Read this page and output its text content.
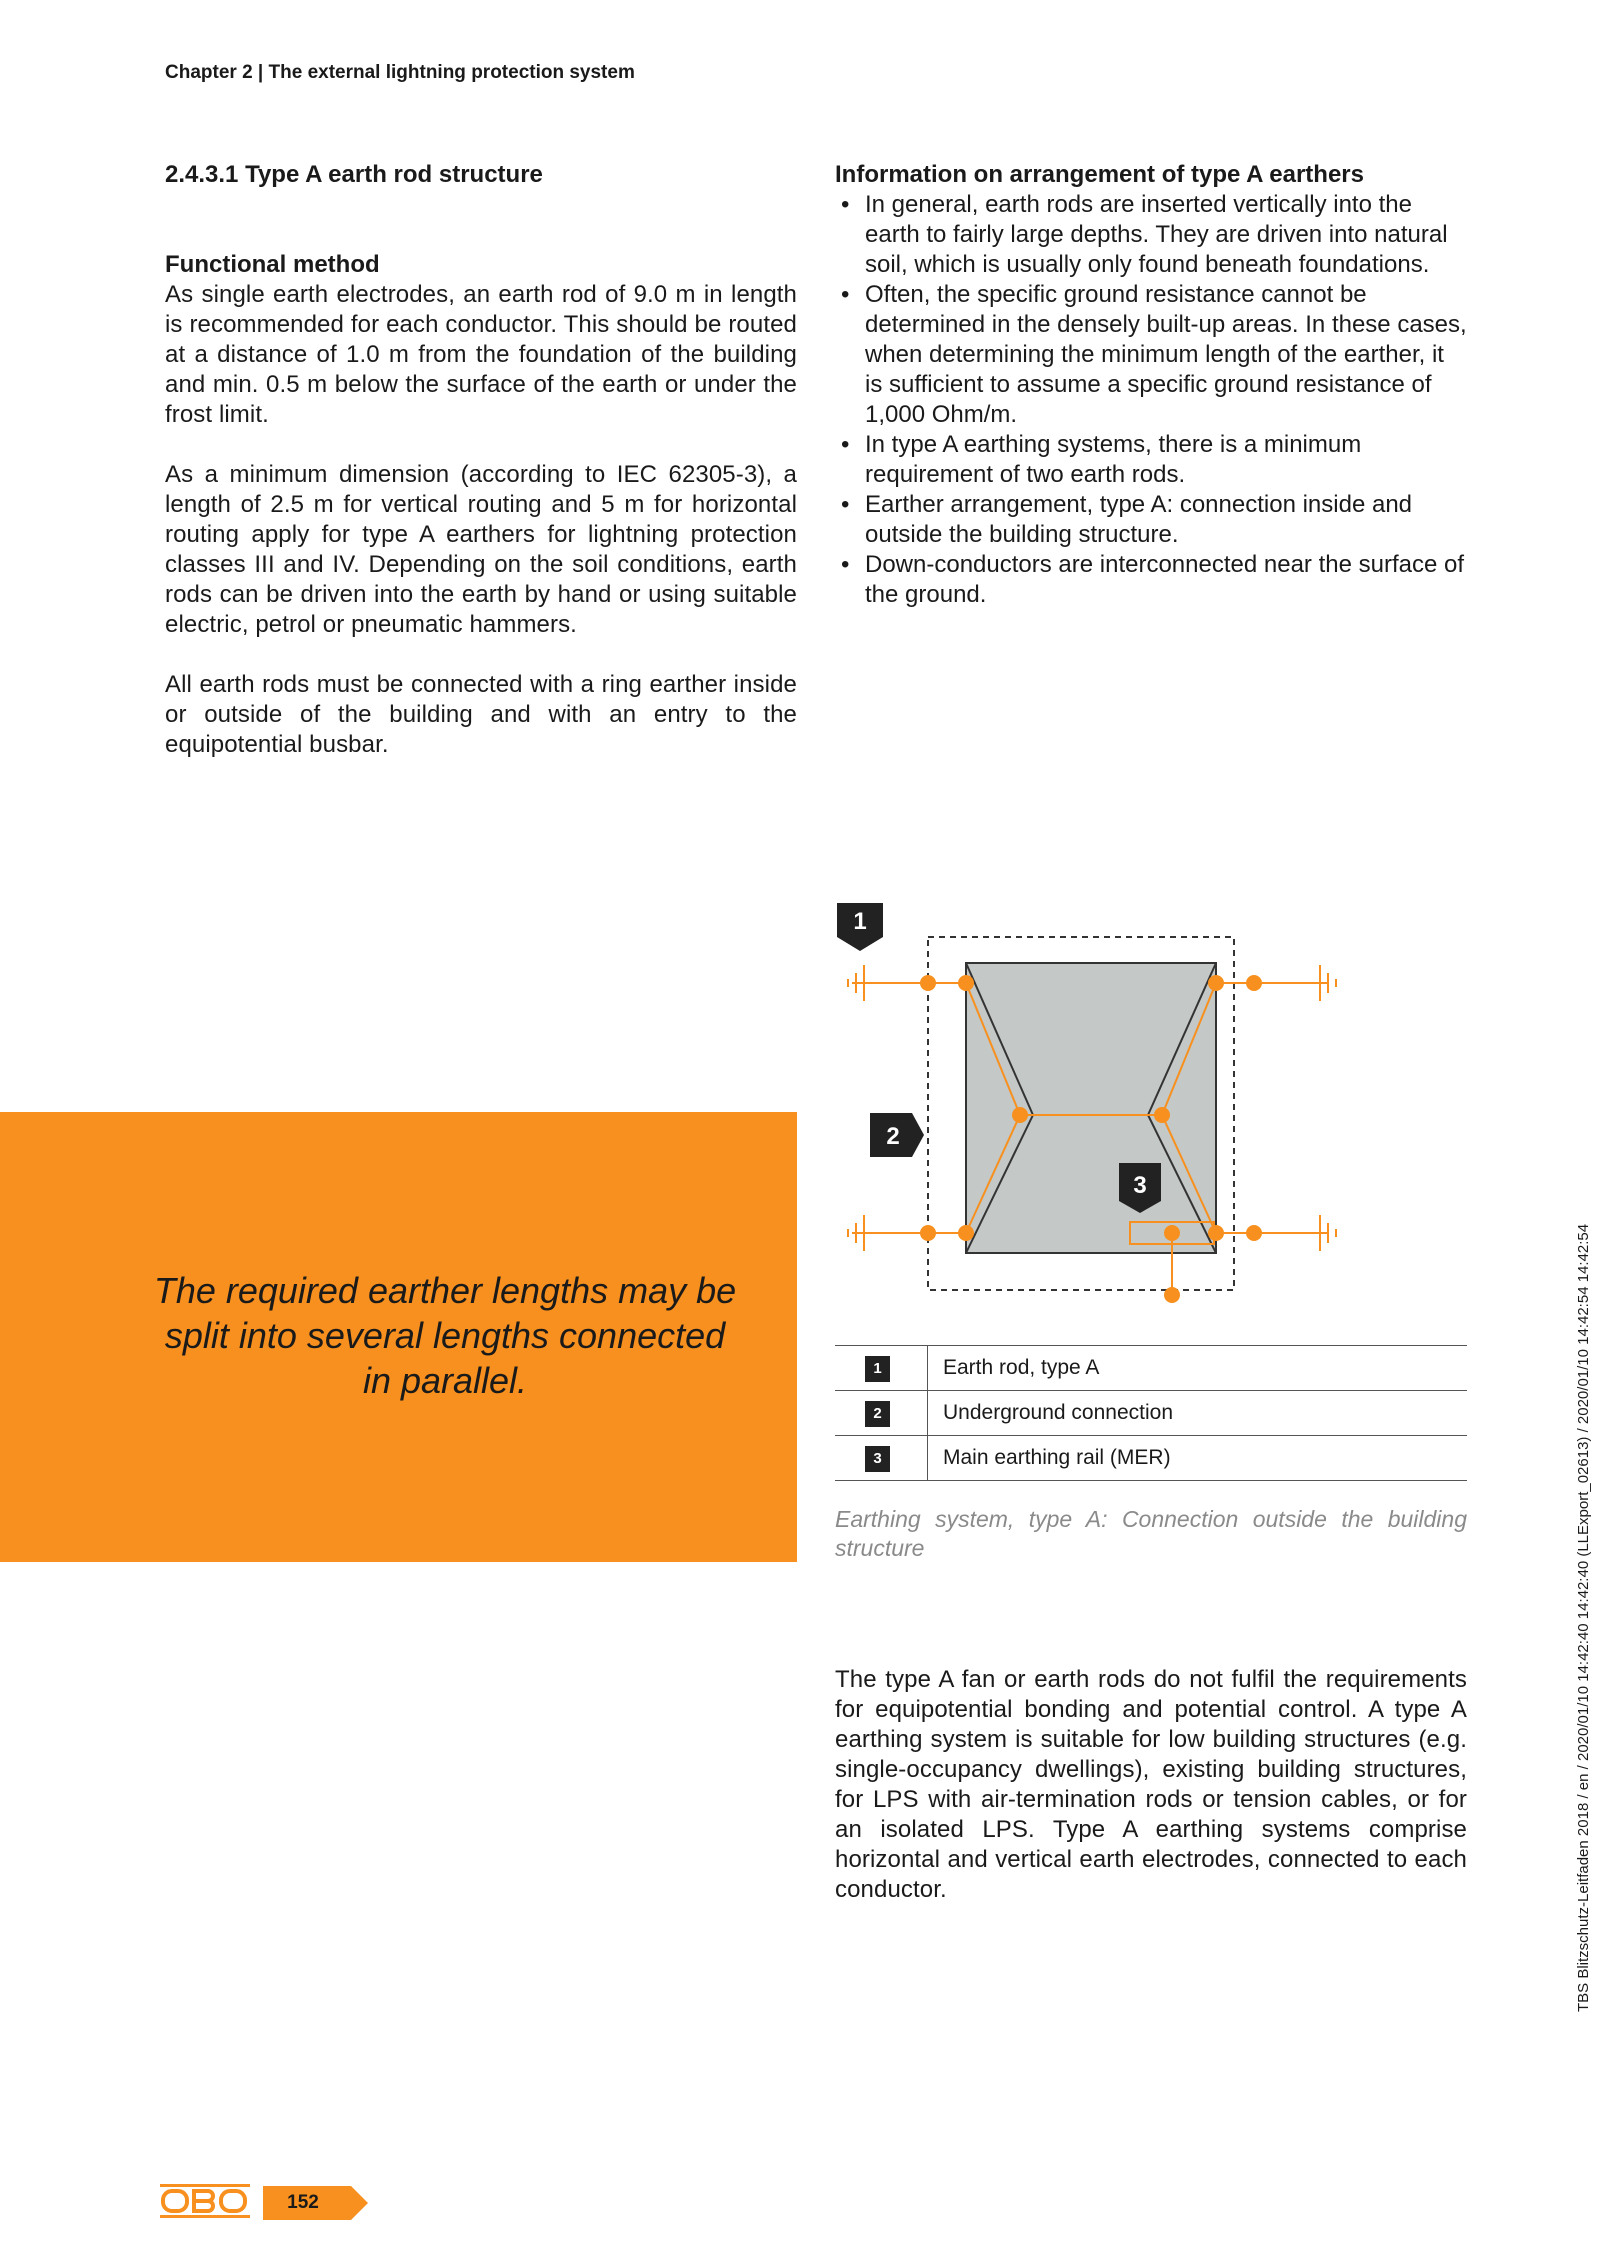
Chapter 2 | The external lightning protection system
2.4.3.1 Type A earth rod structure
Functional method

As single earth electrodes, an earth rod of 9.0 m in length is recommended for each conductor. This should be routed at a distance of 1.0 m from the foundation of the building and min. 0.5 m below the surface of the earth or under the frost limit.

As a minimum dimension (according to IEC 62305-3), a length of 2.5 m for vertical routing and 5 m for horizontal routing apply for type A earthers for lightning protection classes III and IV. Depending on the soil conditions, earth rods can be driven into the earth by hand or using suitable electric, petrol or pneumatic hammers.

All earth rods must be connected with a ring earther inside or outside of the building and with an entry to the equipotential busbar.

Information on arrangement of type A earthers
• In general, earth rods are inserted vertically into the earth to fairly large depths. They are driven into natural soil, which is usually only found beneath foundations.
• Often, the specific ground resistance cannot be determined in the densely built-up areas. In these cases, when determining the minimum length of the earther, it is sufficient to assume a specific ground resistance of 1,000 Ohm/m.
• In type A earthing systems, there is a minimum requirement of two earth rods.
• Earther arrangement, type A: connection inside and outside the building structure.
• Down-conductors are interconnected near the surface of the ground.
The required earther lengths may be split into several lengths connected in parallel.
1
2
3
1	Earth rod, type A
2	Underground connection
3	Main earthing rail (MER)
Earthing system, type A: Connection outside the building structure

The type A fan or earth rods do not fulfil the requirements for equipotential bonding and potential control. A type A earthing system is suitable for low building structures (e.g. single-occupancy dwellings), existing building structures, for LPS with air-termination rods or tension cables, or for an isolated LPS. Type A earthing systems comprise horizontal and vertical earth electrodes, connected to each conductor.	TBS Blitzschutz-Leitfaden 2018 / en / 2020/01/10 14:42:40 14:42:40 (LLExport_02613) / 2020/01/10 14:42:54 14:42:54
152
